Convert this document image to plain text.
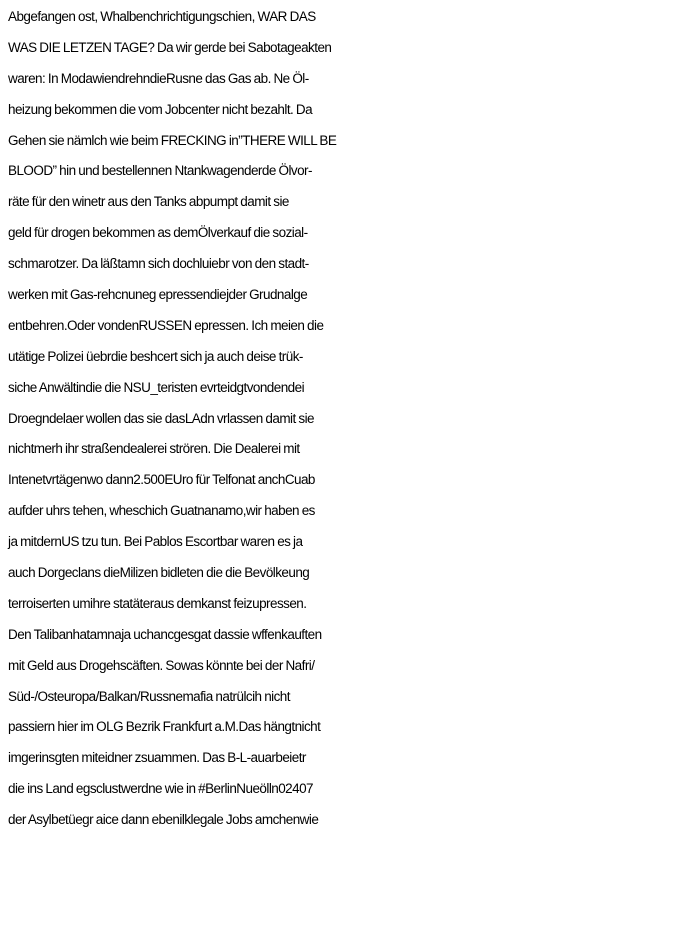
Abgefangen ost, Whalbenchrichtigungschien, WAR DAS
WAS DIE LETZEN TAGE? Da wir gerde bei Sabotageakten
waren: In ModawiendrehndieRusne das Gas ab. Ne Öl-
heizung bekommen die vom Jobcenter nicht bezahlt. Da
Gehen sie nämlch wie beim FRECKING in”THERE WILL BE
BLOOD” hin und bestellennen Ntankwagenderde Ölvor-
räte für den winetr aus den Tanks abpumpt damit sie
geld für drogen bekommen as demÖlverkauf die sozial-
schmarotzer. Da läßtamn sich dochluiebr von den stadt-
werken mit Gas-rehcnuneg epressendiejder Grudnalge
entbehren.Oder vondenRUSSEN epressen. Ich meien die
utätige Polizei üebrdie beshcert sich ja auch deise trük-
siche Anwältindie die NSU_teristen evrteidgtvondendei
Droegndelaer wollen das sie dasLAdn vrlassen damit sie
nichtmerh ihr straßendealerei strören. Die Dealerei mit
Intenetvrtägenwo dann2.500EUro für Telfonat anchCuab
aufder uhrs tehen, wheschich Guatnanamo,wir haben es
ja mitdernUS tzu tun. Bei Pablos Escortbar waren es ja
auch Dorgeclans dieMilizen bidleten die die Bevölkeung
terroiserten umihre statäteraus demkanst feizupressen.
Den Talibanhatamnaja uchancgesgat dassie wffenkauften
mit Geld aus Drogehscäften. Sowas könnte bei der Nafri/
Süd-/Osteuropa/Balkan/Russnemafia natrülcih nicht
passiern hier im OLG Bezrik Frankfurt a.M.Das hängtnicht
imgerinsgten miteidner zsuammen. Das B-L-auarbeietr
die ins Land egsclustwerdne wie in #BerlinNueölln02407
der Asylbetüegr aice dann ebenilklegale Jobs amchenwie
